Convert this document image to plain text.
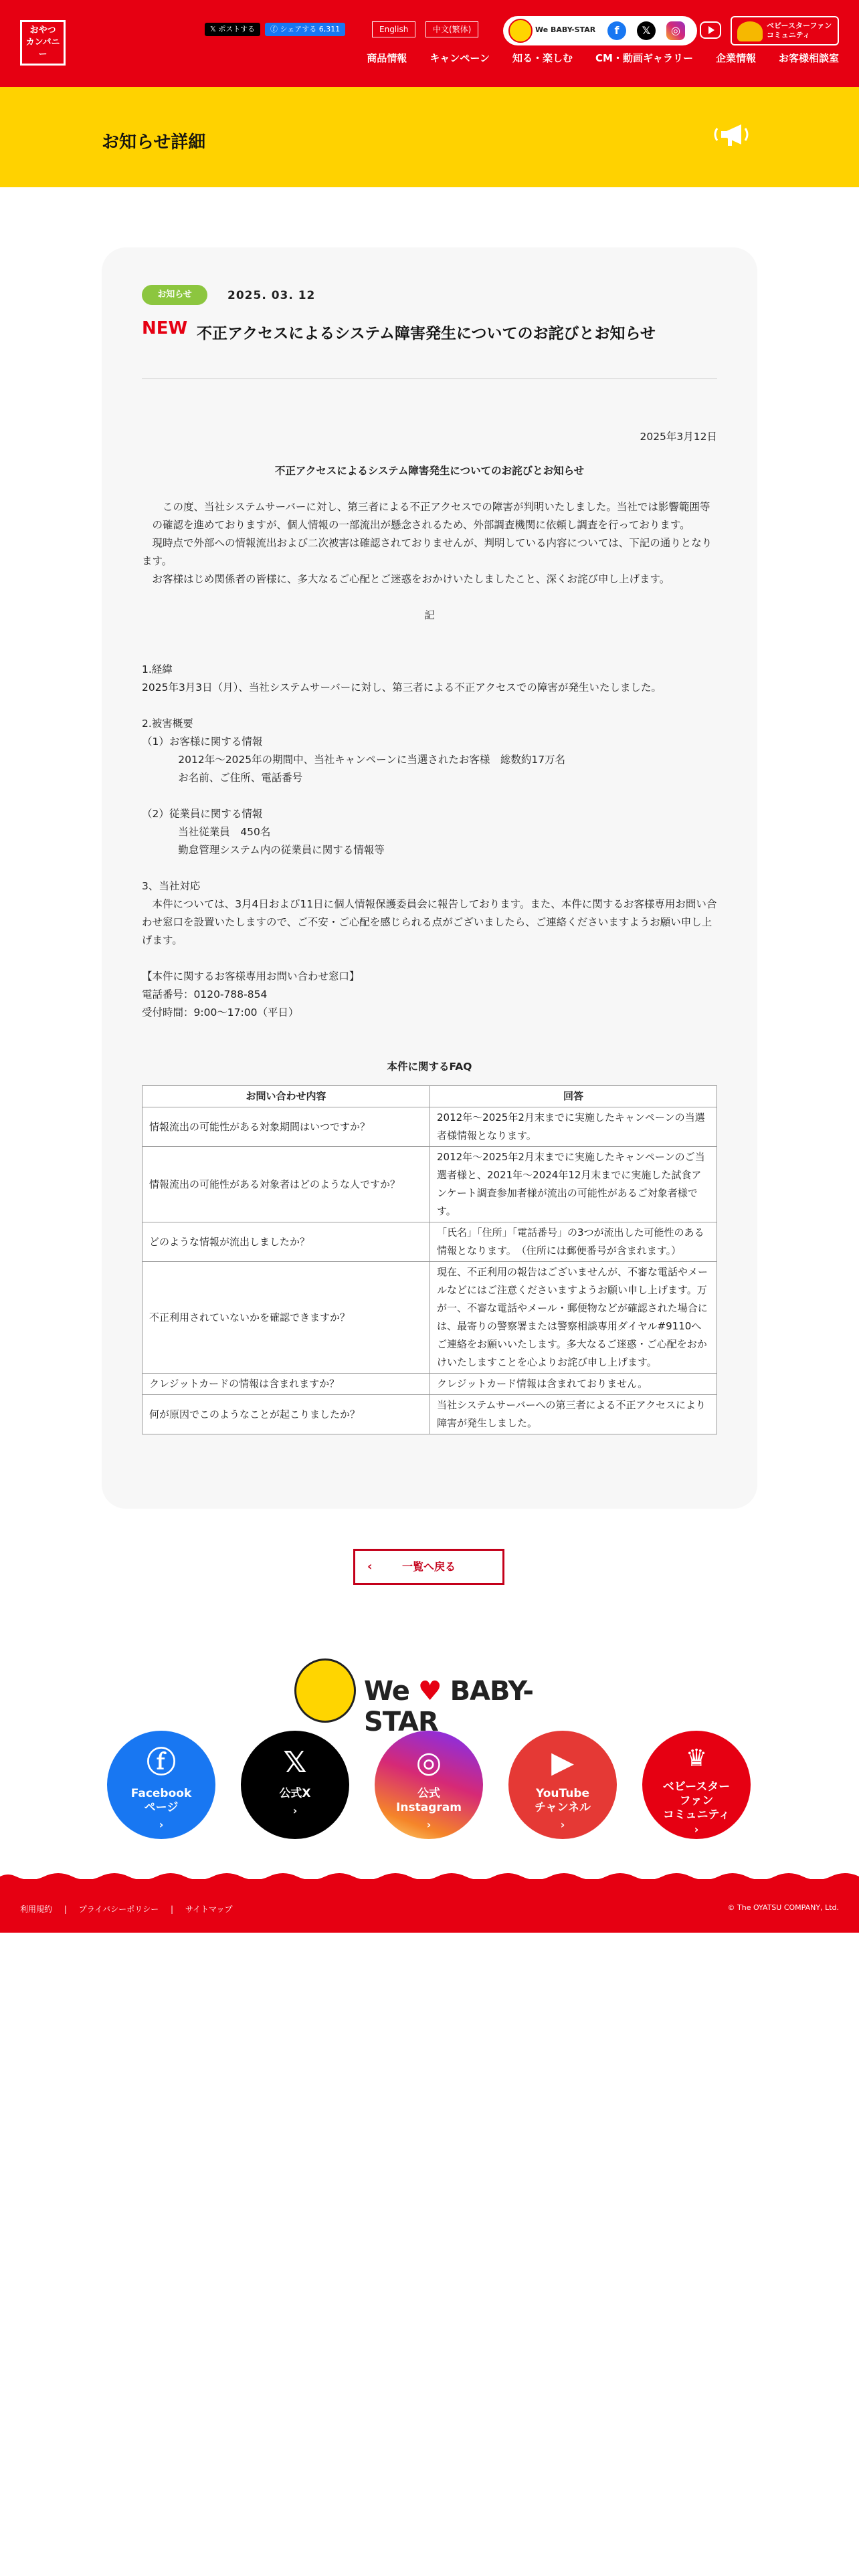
おやつ
カンパニー
𝕏 ポストする	ⓕ シェアする 6,311	English	中文(繁体)	We BABY-STAR	f	𝕏	◎	ベビースターファン
コミュニティ
商品情報 キャンペーン 知る・楽しむ CM・動画ギャラリー 企業情報 お客様相談室
お知らせ詳細
お知らせ	2025. 03. 12
NEW 不正アクセスによるシステム障害発生についてのお詫びとお知らせ

2025年3月12日

不正アクセスによるシステム障害発生についてのお詫びとお知らせ

この度、当社システムサーバーに対し、第三者による不正アクセスでの障害が判明いたしました。当社では影響範囲等の確認を進めておりますが、個人情報の一部流出が懸念されるため、外部調査機関に依頼し調査を行っております。

現時点で外部への情報流出および二次被害は確認されておりませんが、判明している内容については、下記の通りとなります。

お客様はじめ関係者の皆様に、多大なるご心配とご迷惑をおかけいたしましたこと、深くお詫び申し上げます。

記

1.経緯

2025年3月3日（月）、当社システムサーバーに対し、第三者による不正アクセスでの障害が発生いたしました。

2.被害概要

（1）お客様に関する情報

2012年〜2025年の期間中、当社キャンペーンに当選されたお客様　総数約17万名

お名前、ご住所、電話番号

（2）従業員に関する情報

当社従業員　450名

勤怠管理システム内の従業員に関する情報等

3、当社対応

本件については、3月4日および11日に個人情報保護委員会に報告しております。また、本件に関するお客様専用お問い合わせ窓口を設置いたしますので、ご不安・ご心配を感じられる点がございましたら、ご連絡くださいますようお願い申し上げます。

【本件に関するお客様専用お問い合わせ窓口】

電話番号：0120-788-854

受付時間：9:00〜17:00（平日）

本件に関するFAQ

お問い合わせ内容	回答
情報流出の可能性がある対象期間はいつですか？	2012年〜2025年2月末までに実施したキャンペーンの当選者様情報となります。
情報流出の可能性がある対象者はどのような人ですか？	2012年〜2025年2月末までに実施したキャンペーンのご当選者様と、2021年〜2024年12月末までに実施した試食アンケート調査参加者様が流出の可能性があるご対象者様です。
どのような情報が流出しましたか？	「氏名」「住所」「電話番号」の3つが流出した可能性のある情報となります。　（住所には郵便番号が含まれます。）
不正利用されていないかを確認できますか？	現在、不正利用の報告はございませんが、不審な電話やメールなどにはご注意くださいますようお願い申し上げます。万が一、不審な電話やメール・郵便物などが確認された場合には、最寄りの警察署または警察相談専用ダイヤル#9110へご連絡をお願いいたします。多大なるご迷惑・ご心配をおかけいたしますことを心よりお詫び申し上げます。
クレジットカードの情報は含まれますか？	クレジットカード情報は含まれておりません。
何が原因でこのようなことが起こりましたか？	当社システムサーバーへの第三者による不正アクセスにより障害が発生しました。
‹	一覧へ戻る
We ♥ BABY-STAR
ⓕ
Facebook
ページ
›
𝕏
公式X
›
◎
公式
Instagram
›
▶
YouTube
チャンネル
›
♛
ベビースター
ファン
コミュニティ
›
利用規約 | プライバシーポリシー | サイトマップ	© The OYATSU COMPANY, Ltd.
